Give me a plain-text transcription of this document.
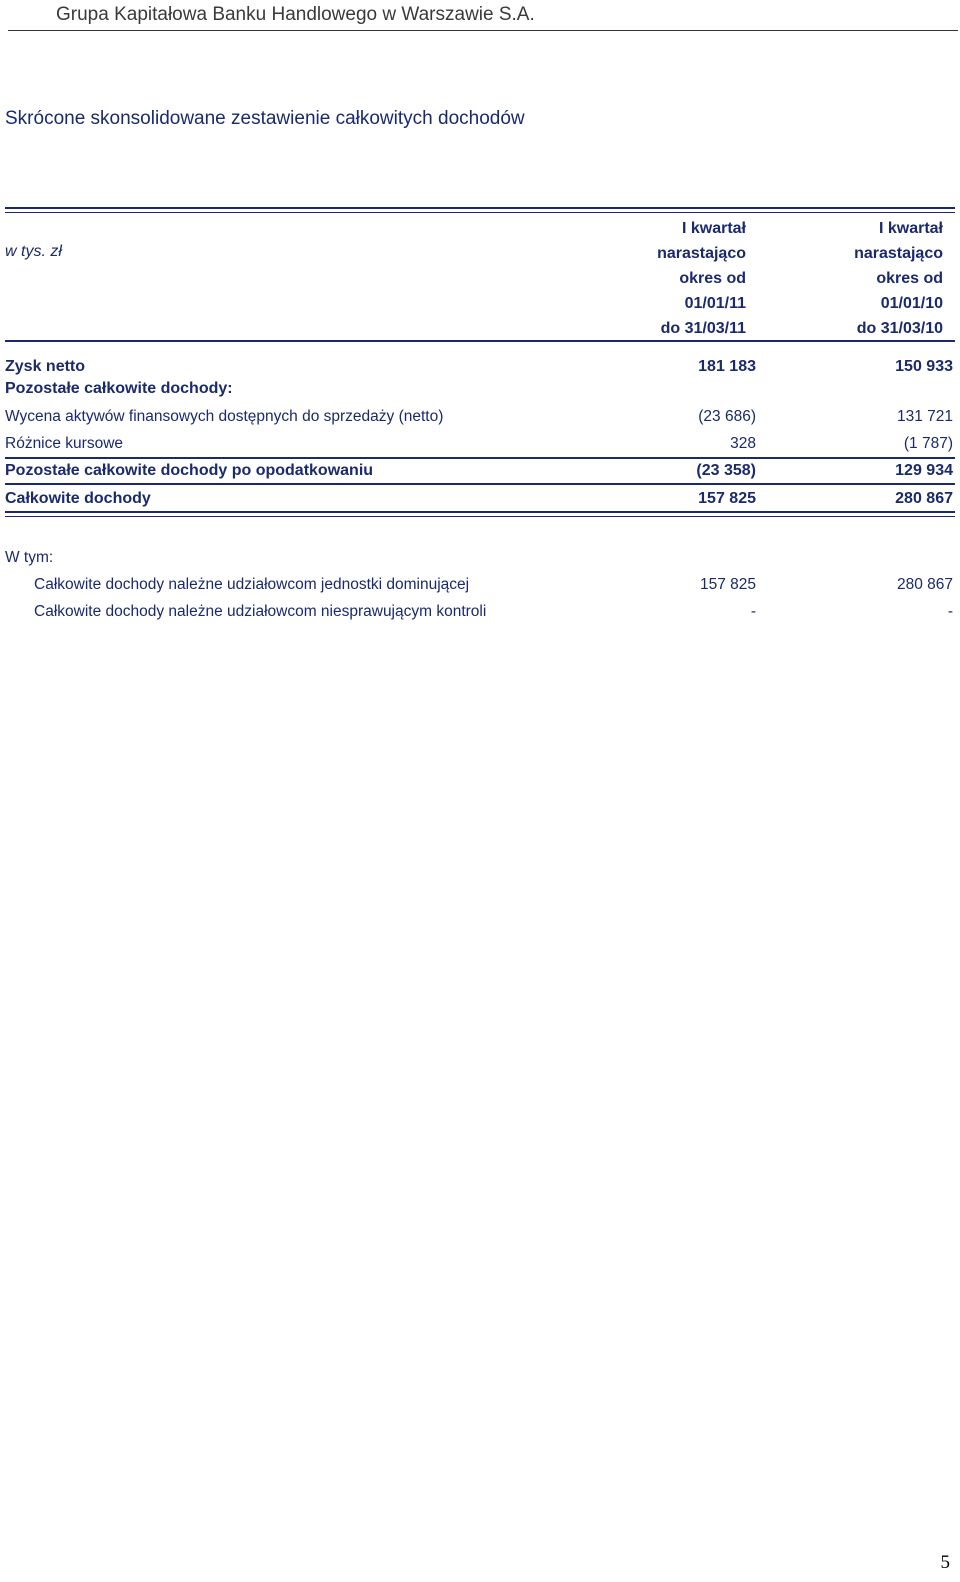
Grupa Kapitałowa Banku Handlowego w Warszawie S.A.
Skrócone skonsolidowane zestawienie całkowitych dochodów
w tys. zł
I kwartał
narastająco
okres od
01/01/11
do 31/03/11
I kwartał
narastająco
okres od
01/01/10
do 31/03/10
Zysk netto	181 183	150 933
Pozostałe całkowite dochody:
Wycena aktywów finansowych dostępnych do sprzedaży (netto)	(23 686)	131 721
Różnice kursowe	328	(1 787)
Pozostałe całkowite dochody po opodatkowaniu	(23 358)	129 934
Całkowite dochody	157 825	280 867
W tym:
Całkowite dochody należne udziałowcom jednostki dominującej	157 825	280 867
Całkowite dochody należne udziałowcom niesprawującym kontroli	-	-
5
